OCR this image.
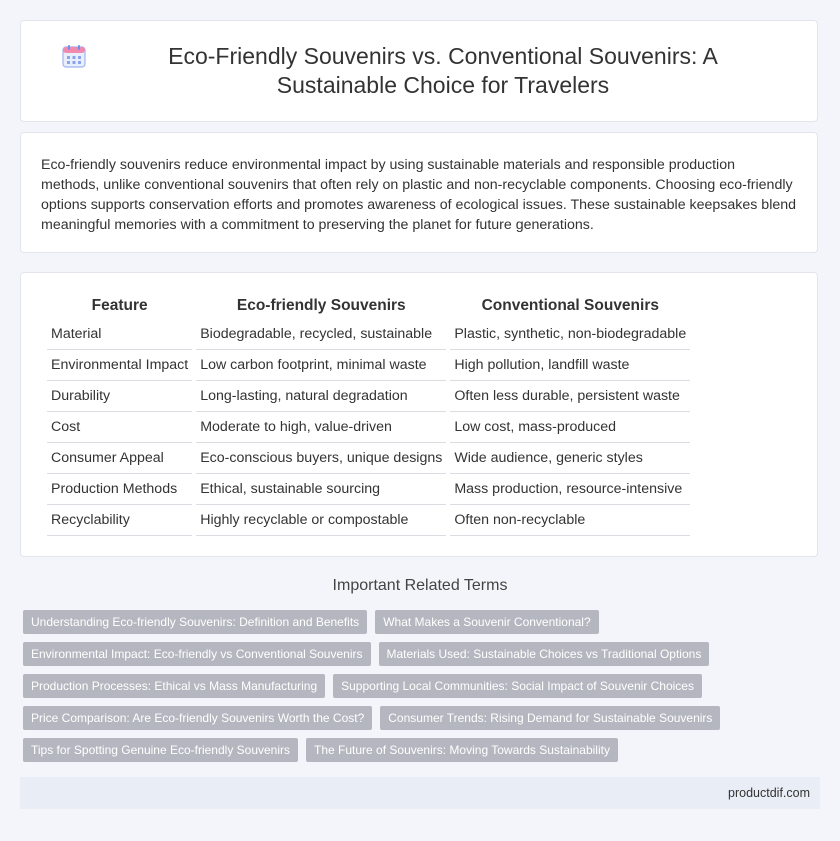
Eco-Friendly Souvenirs vs. Conventional Souvenirs: A Sustainable Choice for Travelers

Eco-friendly souvenirs reduce environmental impact by using sustainable materials and responsible production methods, unlike conventional souvenirs that often rely on plastic and non-recyclable components. Choosing eco-friendly options supports conservation efforts and promotes awareness of ecological issues. These sustainable keepsakes blend meaningful memories with a commitment to preserving the planet for future generations.

Feature	Eco-friendly Souvenirs	Conventional Souvenirs
Material	Biodegradable, recycled, sustainable	Plastic, synthetic, non-biodegradable
Environmental Impact	Low carbon footprint, minimal waste	High pollution, landfill waste
Durability	Long-lasting, natural degradation	Often less durable, persistent waste
Cost	Moderate to high, value-driven	Low cost, mass-produced
Consumer Appeal	Eco-conscious buyers, unique designs	Wide audience, generic styles
Production Methods	Ethical, sustainable sourcing	Mass production, resource-intensive
Recyclability	Highly recyclable or compostable	Often non-recyclable
Important Related Terms
Understanding Eco-friendly Souvenirs: Definition and Benefits	What Makes a Souvenir Conventional?
Environmental Impact: Eco-friendly vs Conventional Souvenirs	Materials Used: Sustainable Choices vs Traditional Options
Production Processes: Ethical vs Mass Manufacturing	Supporting Local Communities: Social Impact of Souvenir Choices
Price Comparison: Are Eco-friendly Souvenirs Worth the Cost?	Consumer Trends: Rising Demand for Sustainable Souvenirs
Tips for Spotting Genuine Eco-friendly Souvenirs	The Future of Souvenirs: Moving Towards Sustainability
productdif.com
